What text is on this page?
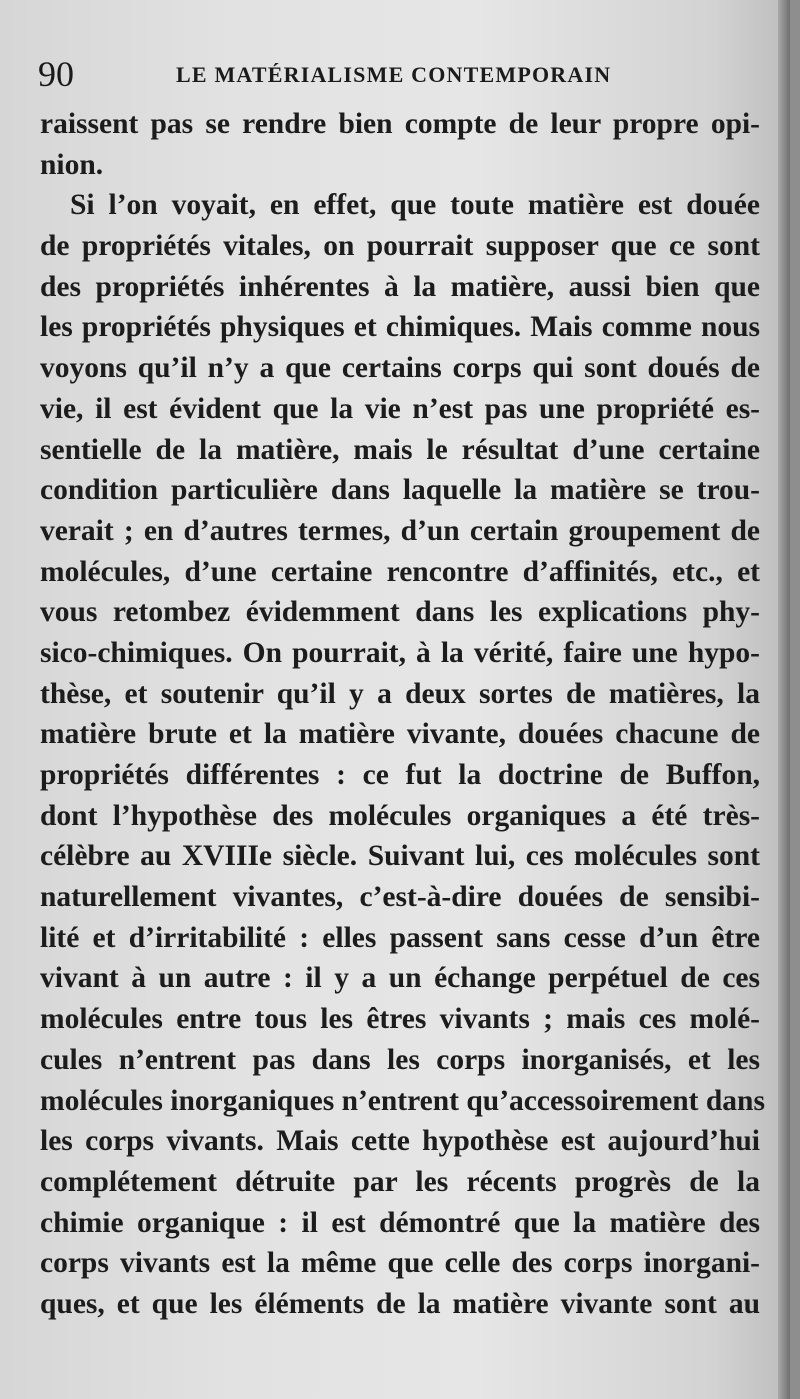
90	LE MATÉRIALISME CONTEMPORAIN
raissent pas se rendre bien compte de leur propre opi-
nion.
Si l’on voyait, en effet, que toute matière est douée
de propriétés vitales, on pourrait supposer que ce sont
des propriétés inhérentes à la matière, aussi bien que
les propriétés physiques et chimiques. Mais comme nous
voyons qu’il n’y a que certains corps qui sont doués de
vie, il est évident que la vie n’est pas une propriété es-
sentielle de la matière, mais le résultat d’une certaine
condition particulière dans laquelle la matière se trou-
verait ; en d’autres termes, d’un certain groupement de
molécules, d’une certaine rencontre d’affinités, etc., et
vous retombez évidemment dans les explications phy-
sico-chimiques. On pourrait, à la vérité, faire une hypo-
thèse, et soutenir qu’il y a deux sortes de matières, la
matière brute et la matière vivante, douées chacune de
propriétés différentes : ce fut la doctrine de Buffon,
dont l’hypothèse des molécules organiques a été très-
célèbre au XVIIIe siècle. Suivant lui, ces molécules sont
naturellement vivantes, c’est-à-dire douées de sensibi-
lité et d’irritabilité : elles passent sans cesse d’un être
vivant à un autre : il y a un échange perpétuel de ces
molécules entre tous les êtres vivants ; mais ces molé-
cules n’entrent pas dans les corps inorganisés, et les
molécules inorganiques n’entrent qu’accessoirement dans
les corps vivants. Mais cette hypothèse est aujourd’hui
complétement détruite par les récents progrès de la
chimie organique : il est démontré que la matière des
corps vivants est la même que celle des corps inorgani-
ques, et que les éléments de la matière vivante sont au
